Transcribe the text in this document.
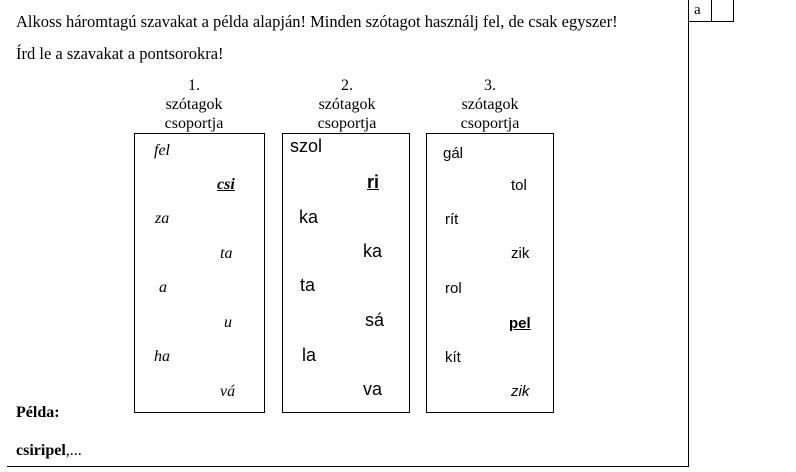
a
Alkoss háromtagú szavakat a példa alapján! Minden szótagot használj fel, de csak egyszer!
Írd le a szavakat a pontsorokra!
1.
szótagok
csoportja
2.
szótagok
csoportja
3.
szótagok
csoportja
fel
csi
za
ta
a
u
ha
vá
szol
ri
ka
ka
ta
sá
la
va
gál
tol
rít
zik
rol
pel
kít
zik
Példa:
csiripel,...
